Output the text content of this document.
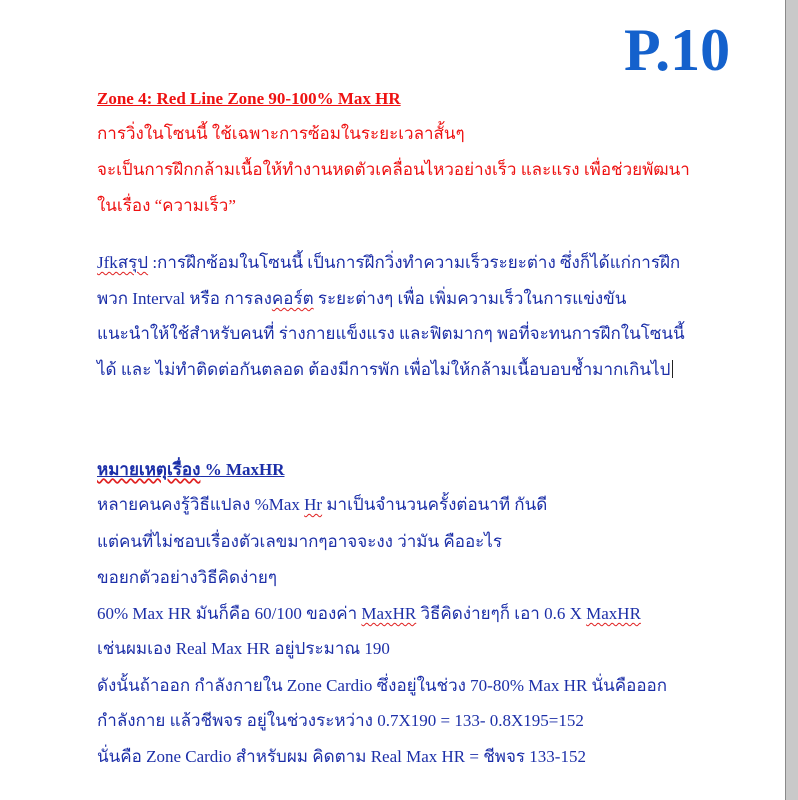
P.10
Zone 4: Red Line Zone 90-100% Max HR
การวิ่งในโซนนี้ ใช้เฉพาะการซ้อมในระยะเวลาสั้นๆ
จะเป็นการฝึกกล้ามเนื้อให้ทำงานหดตัวเคลื่อนไหวอย่างเร็ว และแรง เพื่อช่วยพัฒนา
ในเรื่อง “ความเร็ว”
Jfkสรุป :การฝึกซ้อมในโซนนี้ เป็นการฝึกวิ่งทำความเร็วระยะต่าง ซึ่งก็ได้แก่การฝึก
พวก Interval หรือ การลงคอร์ต ระยะต่างๆ เพื่อ เพิ่มความเร็วในการแข่งขัน
แนะนำให้ใช้สำหรับคนที่ ร่างกายแข็งแรง และฟิตมากๆ พอที่จะทนการฝึกในโซนนี้
ได้ และ ไม่ทำติดต่อกันตลอด ต้องมีการพัก เพื่อไม่ให้กล้ามเนื้อบอบช้ำมากเกินไป
หมายเหตุเรื่อง % MaxHR
หลายคนคงรู้วิธีแปลง %Max Hr มาเป็นจำนวนครั้งต่อนาที กันดี
แต่คนที่ไม่ชอบเรื่องตัวเลขมากๆอาจจะงง ว่ามัน คืออะไร
ขอยกตัวอย่างวิธีคิดง่ายๆ
60% Max HR มันก็คือ 60/100 ของค่า MaxHR วิธีคิดง่ายๆก็ เอา 0.6 X MaxHR
เช่นผมเอง Real Max HR อยู่ประมาณ 190
ดังนั้นถ้าออก กำลังกายใน Zone Cardio ซึ่งอยู่ในช่วง 70-80% Max HR นั่นคือออก
กำลังกาย แล้วชีพจร อยู่ในช่วงระหว่าง 0.7X190 = 133- 0.8X195=152
นั่นคือ Zone Cardio สำหรับผม คิดตาม Real Max HR = ชีพจร 133-152
